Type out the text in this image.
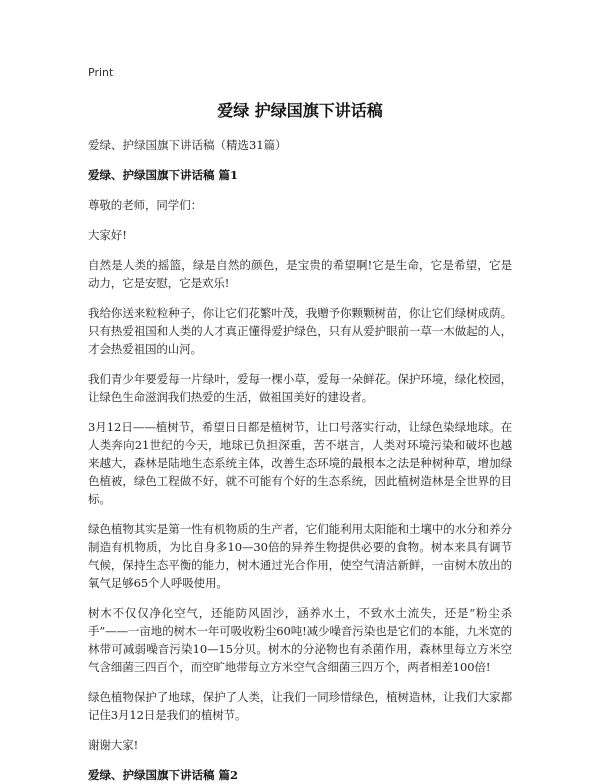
Print
爱绿 护绿国旗下讲话稿
爱绿、护绿国旗下讲话稿（精选31篇）
爱绿、护绿国旗下讲话稿 篇1

尊敬的老师，同学们：

大家好!

自然是人类的摇篮，绿是自然的颜色，是宝贵的希望啊!它是生命，它是希望，它是动力，它是安慰，它是欢乐!

我给你送来粒粒种子，你让它们花繁叶茂，我赠予你颗颗树苗，你让它们绿树成荫。只有热爱祖国和人类的人才真正懂得爱护绿色，只有从爱护眼前一草一木做起的人，才会热爱祖国的山河。

我们青少年要爱每一片绿叶，爱每一棵小草，爱每一朵鲜花。保护环境，绿化校园，让绿色生命滋润我们热爱的生活，做祖国美好的建设者。

3月12日——植树节，希望日日都是植树节，让口号落实行动，让绿色染绿地球。在人类奔向21世纪的今天，地球已负担深重，苦不堪言，人类对环境污染和破坏也越来越大，森林是陆地生态系统主体，改善生态环境的最根本之法是种树种草，增加绿色植被，绿色工程做不好，就不可能有个好的生态系统，因此植树造林是全世界的目标。

绿色植物其实是第一性有机物质的生产者，它们能利用太阳能和土壤中的水分和养分制造有机物质，为比自身多10—30倍的异养生物提供必要的食物。树本来具有调节气候，保持生态平衡的能力，树木通过光合作用，使空气清洁新鲜，一亩树木放出的氧气足够65个人呼吸使用。

树木不仅仅净化空气，还能防风固沙，涵养水土，不致水土流失，还是“粉尘杀手”——一亩地的树木一年可吸收粉尘60吨!减少噪音污染也是它们的本能，九米宽的林带可减弱噪音污染10—15分贝。树木的分泌物也有杀菌作用，森林里每立方米空气含细菌三四百个，而空旷地带每立方米空气含细菌三四万个，两者相差100倍!

绿色植物保护了地球，保护了人类，让我们一同珍惜绿色，植树造林，让我们大家都记住3月12日是我们的植树节。

谢谢大家!

爱绿、护绿国旗下讲话稿 篇2
